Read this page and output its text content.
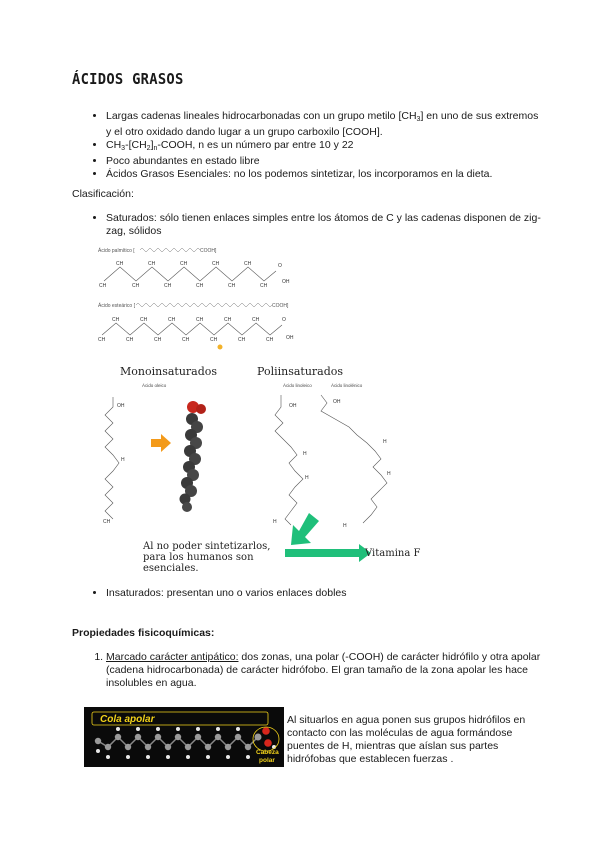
ÁCIDOS GRASOS
• Largas cadenas lineales hidrocarbonadas con un grupo metilo $[CH_3]$ en uno de sus extremos y el otro oxidado dando lugar a un grupo carboxilo [COOH].
• $CH_3-[CH_2]_n$-COOH, n es un número par entre 10 y 22
• Poco abundantes en estado libre
• Ácidos Grasos Esenciales: no los podemos sintetizar, los incorporamos en la dieta.
Clasificación:
• Saturados: sólo tienen enlaces simples entre los átomos de C y las cadenas disponen de zig-zag, sólidos
Ácido palmítico [	COOH]
CH	CH	CH	CH	CH
CH	CH	CH	CH	CH	CH
O
OH
Ácido esteárico [	COOH]
CH	CH	CH	CH	CH	CH
CH	CH	CH	CH	CH	CH	CH
O
OH
Monoinsaturados	Poliinsaturados
Ácido oleico	Ácido linoleico	Ácido linolénico
OH
H
CH
OH
H
H
H
OH
H
H
H
Al no poder sintetizarlos, para los humanos son esenciales.
Vitamina F
• Insaturados: presentan uno o varios enlaces dobles
Propiedades fisicoquímicas:
1. Marcado carácter antipático: dos zonas, una polar (-COOH) de carácter hidrófilo y otra apolar (cadena hidrocarbonada) de carácter hidrófobo. El gran tamaño de la zona apolar les hace insolubles en agua.
Cola apolar
Cabeza
polar
Al situarlos en agua ponen sus grupos hidrófilos en contacto con las moléculas de agua formándose puentes de H, mientras que aíslan sus partes hidrófobas que establecen fuerzas .
